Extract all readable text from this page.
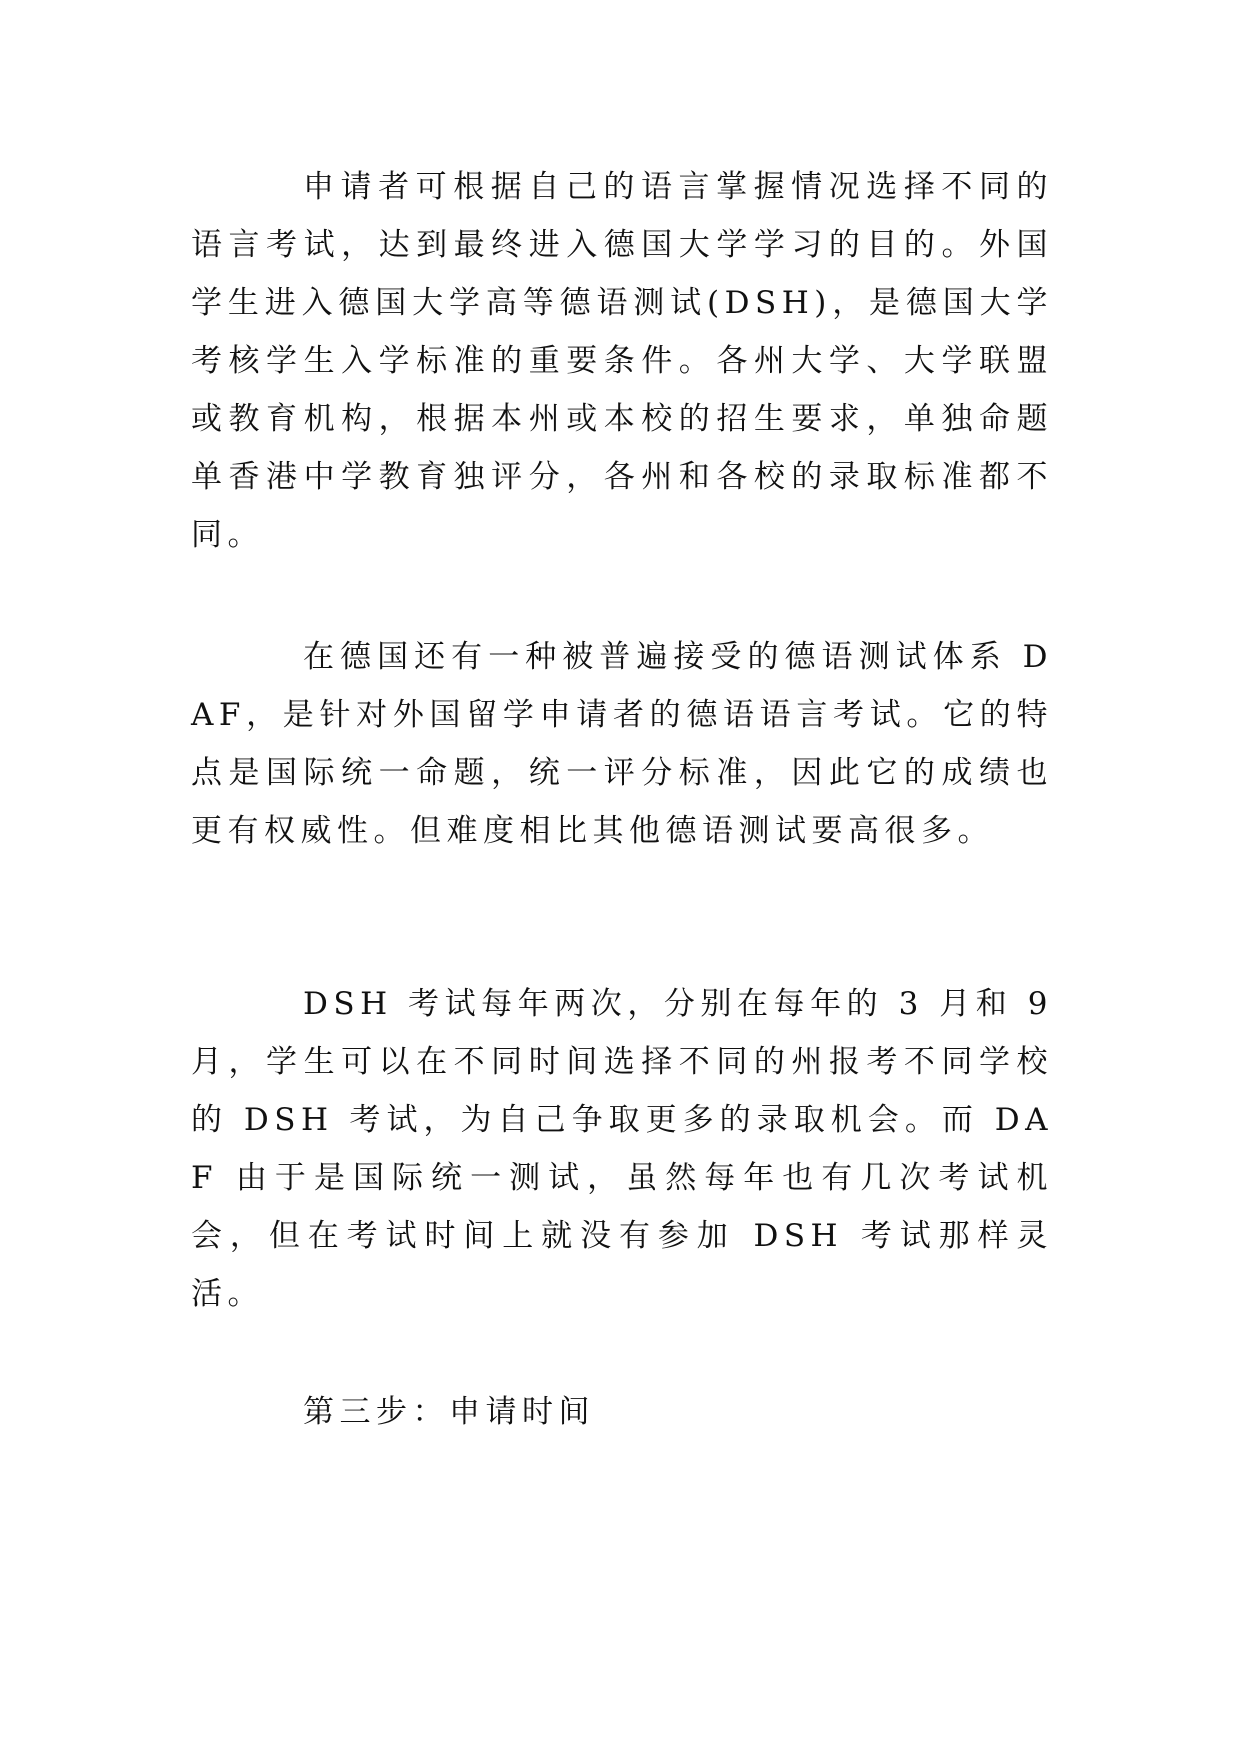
申请者可根据自己的语言掌握情况选择不同的语言考试，达到最终进入德国大学学习的目的。外国学生进入德国大学高等德语测试(DSH)，是德国大学考核学生入学标准的重要条件。各州大学、大学联盟或教育机构，根据本州或本校的招生要求，单独命题单香港中学教育独评分，各州和各校的录取标准都不同。

在德国还有一种被普遍接受的德语测试体系 DAF，是针对外国留学申请者的德语语言考试。它的特点是国际统一命题，统一评分标准，因此它的成绩也更有权威性。但难度相比其他德语测试要高很多。

DSH 考试每年两次，分别在每年的 3 月和 9 月，学生可以在不同时间选择不同的州报考不同学校的 DSH 考试，为自己争取更多的录取机会。而 DAF 由于是国际统一测试，虽然每年也有几次考试机会，但在考试时间上就没有参加 DSH 考试那样灵活。

第三步：申请时间
